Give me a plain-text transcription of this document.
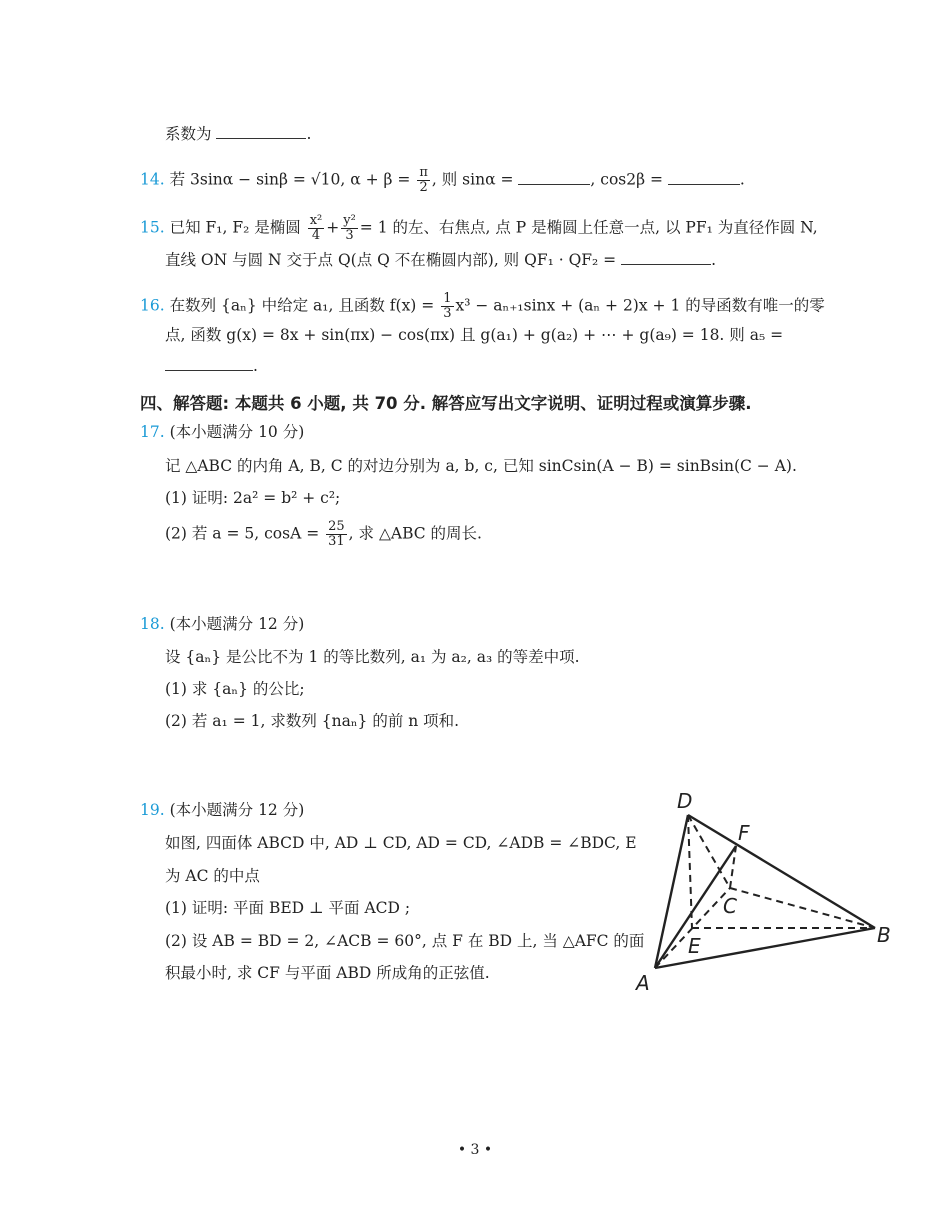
系数为	.
14. 若 3sinα − sinβ = √10, $\alpha + \beta = \frac{\pi}{2}$ , 则 sinα =	, cos2β =	.
15. 已知 F₁, F₂ 是椭圆 $\frac{\text{x²}}{4} + \frac{\text{y²}}{3} = 1$ 的左、右焦点, 点 P 是椭圆上任意一点, 以 PF₁ 为直径作圆 N,
直线 ON 与圆 N 交于点 Q(点 Q 不在椭圆内部), 则 QF₁ · QF₂ =	.
16. 在数列 {aₙ} 中给定 a₁, 且函数 $f(x) = \frac{1}{3} x^3 - a_{n+1}\sin x + (a_n + 2)x + 1$ 的导函数有唯一的零
点, 函数 g(x) = 8x + sin(πx) − cos(πx) 且 g(a₁) + g(a₂) + ⋯ + g(a₉) = 18. 则 a₅ =
.
四、解答题: 本题共 6 小题, 共 70 分. 解答应写出文字说明、证明过程或演算步骤.
17. (本小题满分 10 分)
记 △ABC 的内角 A, B, C 的对边分别为 a, b, c, 已知 sinCsin(A − B) = sinBsin(C − A).
(1) 证明: 2a² = b² + c²;
(2) 若 a = 5, $\cos A = \frac{25}{31}$ , 求 △ABC 的周长.
18. (本小题满分 12 分)
设 {aₙ} 是公比不为 1 的等比数列, a₁ 为 a₂, a₃ 的等差中项.
(1) 求 {aₙ} 的公比;
(2) 若 a₁ = 1, 求数列 {naₙ} 的前 n 项和.
19. (本小题满分 12 分)
如图, 四面体 ABCD 中, AD ⊥ CD, AD = CD, ∠ADB = ∠BDC, E
为 AC 的中点
(1) 证明: 平面 BED ⊥ 平面 ACD ;
(2) 设 AB = BD = 2, ∠ACB = 60°, 点 F 在 BD 上, 当 △AFC 的面
积最小时, 求 CF 与平面 ABD 所成角的正弦值.
D
F
C
E	B
A
• 3 •
